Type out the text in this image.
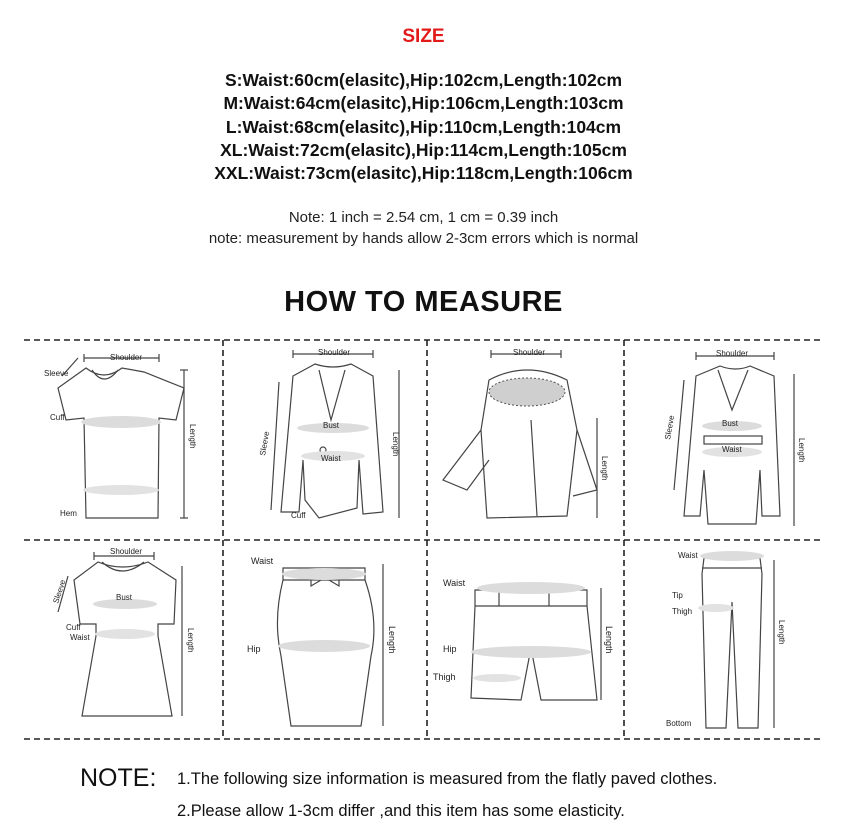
SIZE
S:Waist:60cm(elasitc),Hip:102cm,Length:102cm
M:Waist:64cm(elasitc),Hip:106cm,Length:103cm
L:Waist:68cm(elasitc),Hip:110cm,Length:104cm
XL:Waist:72cm(elasitc),Hip:114cm,Length:105cm
XXL:Waist:73cm(elasitc),Hip:118cm,Length:106cm
Note: 1 inch = 2.54 cm, 1 cm = 0.39 inch
note: measurement by hands allow 2-3cm errors which is normal
HOW TO MEASURE
Shoulder
Sleeve
Cuff
Hem
Length
Shoulder
Bust
Waist
Cuff
Sleeve	Length
Shoulder
Length
Shoulder
Bust
Waist
Sleeve
Length
Shoulder
Bust
Cuff
Waist
Sleeve
Length
Waist
Hip	Length
Waist
Hip
Thigh
Length
Waist
Tip
Thigh
Bottom
Length
NOTE: 1.The following size information is measured from the flatly paved clothes.
2.Please allow 1-3cm differ ,and this item has some elasticity.
